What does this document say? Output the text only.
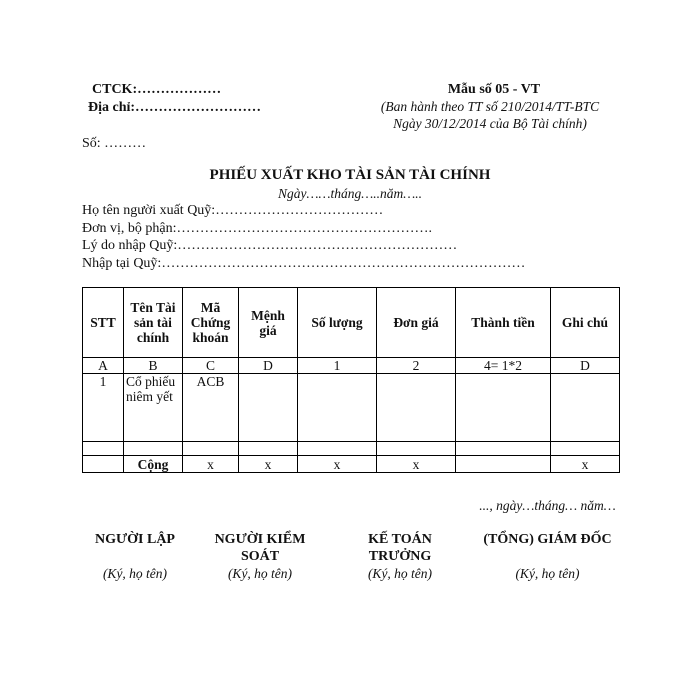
CTCK:………………
Địa chỉ:………………………
Số: ………
Mẫu số 05 - VT
(Ban hành theo TT số 210/2014/TT-BTC
Ngày 30/12/2014 của Bộ Tài chính)
PHIẾU XUẤT KHO TÀI SẢN TÀI CHÍNH
Ngày……tháng…..năm…..
Họ tên người xuất Quỹ:………………………………
Đơn vị, bộ phận:……………………………………………….
Lý do nhập Quỹ:……………………………………………………
Nhập tại Quỹ:……………………………………………………………………
STT	Tên Tài sản tài chính	Mã Chứng khoán	Mệnh giá	Số lượng	Đơn giá	Thành tiền	Ghi chú
A	B	C	D	1	2	4= 1*2	D
1	Cổ phiếu niêm yết	ACB					

	Cộng	x	x	x	x		x
..., ngày…tháng… năm…
NGƯỜI LẬP	NGƯỜI KIỂM SOÁT
KẾ TOÁN TRƯỞNG
(TỔNG) GIÁM ĐỐC
(Ký, họ tên)	(Ký, họ tên)	(Ký, họ tên)	(Ký, họ tên)
